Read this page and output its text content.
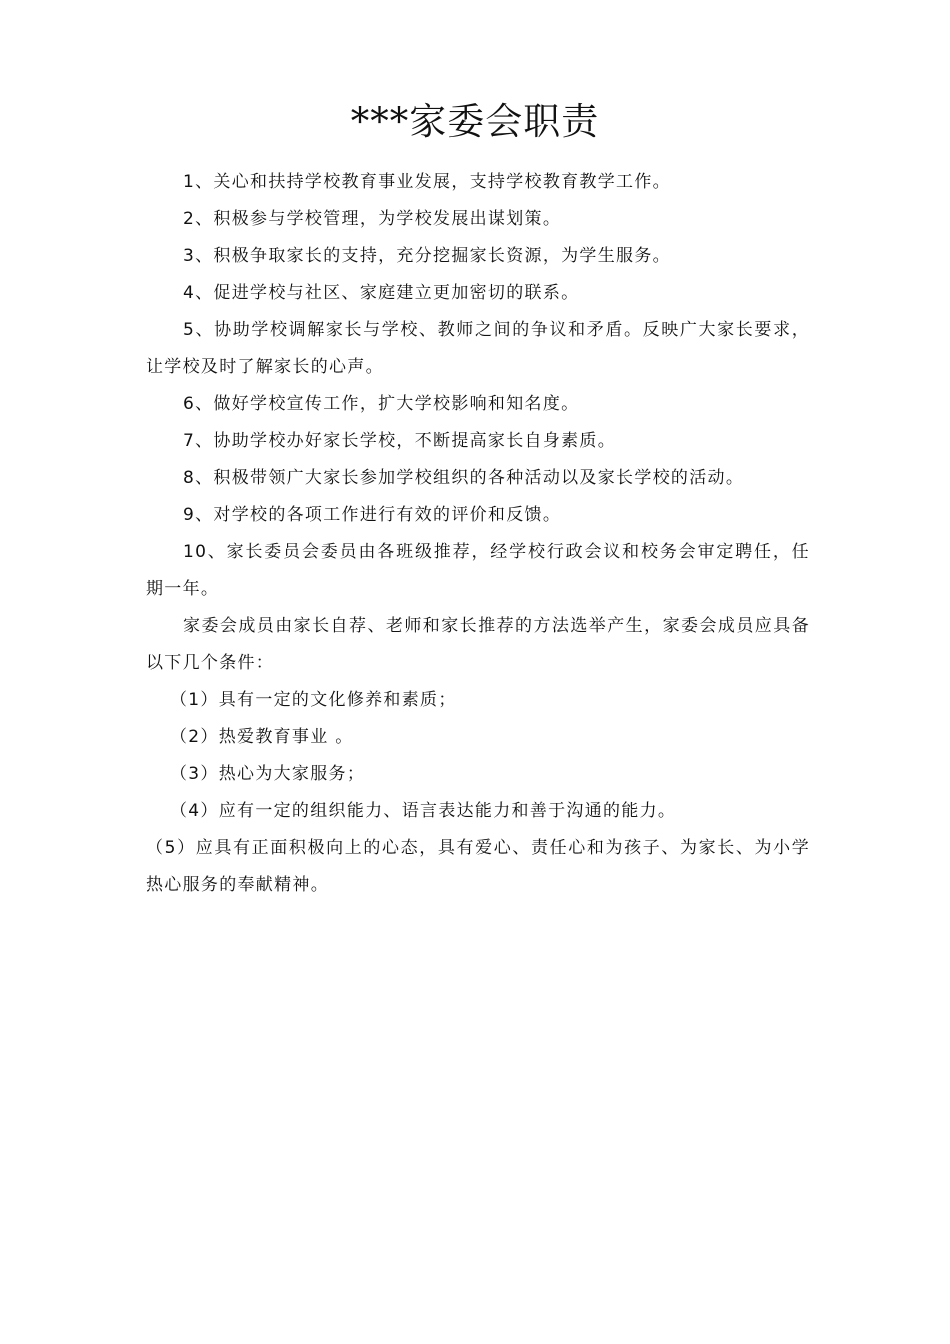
***家委会职责

1、关心和扶持学校教育事业发展，支持学校教育教学工作。

2、积极参与学校管理，为学校发展出谋划策。

3、积极争取家长的支持，充分挖掘家长资源，为学生服务。

4、促进学校与社区、家庭建立更加密切的联系。

5、协助学校调解家长与学校、教师之间的争议和矛盾。反映广大家长要求，让学校及时了解家长的心声。

6、做好学校宣传工作，扩大学校影响和知名度。

7、协助学校办好家长学校，不断提高家长自身素质。

8、积极带领广大家长参加学校组织的各种活动以及家长学校的活动。

9、对学校的各项工作进行有效的评价和反馈。

10、家长委员会委员由各班级推荐，经学校行政会议和校务会审定聘任，任期一年。

家委会成员由家长自荐、老师和家长推荐的方法选举产生，家委会成员应具备以下几个条件：

（1）具有一定的文化修养和素质；

（2）热爱教育事业 。

（3）热心为大家服务；

（4）应有一定的组织能力、语言表达能力和善于沟通的能力。

（5）应具有正面积极向上的心态，具有爱心、责任心和为孩子、为家长、为小学热心服务的奉献精神。
